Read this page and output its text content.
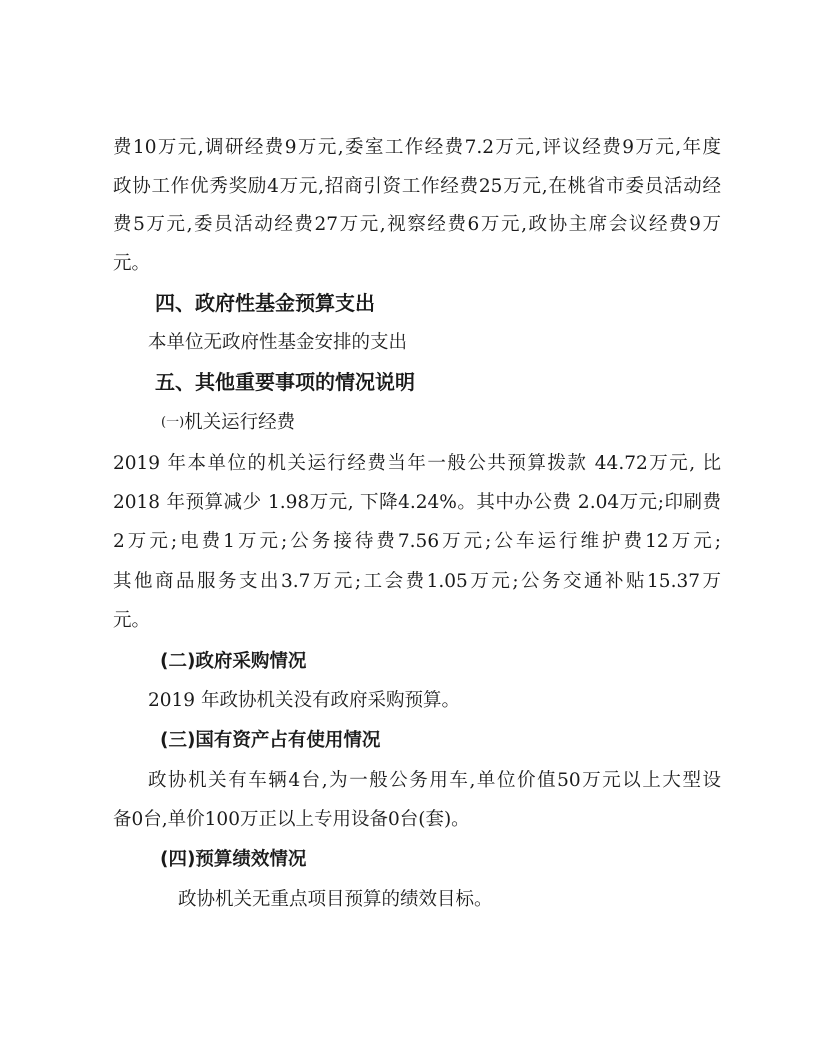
费10万元,调研经费9万元,委室工作经费7.2万元,评议经费9万元,年度
政协工作优秀奖励4万元,招商引资工作经费25万元,在桃省市委员活动经
费5万元,委员活动经费27万元,视察经费6万元,政协主席会议经费9万
元。
四、政府性基金预算支出
本单位无政府性基金安排的支出
五、其他重要事项的情况说明
(一)机关运行经费
2019 年本单位的机关运行经费当年一般公共预算拨款 44.72万元, 比
2018 年预算减少 1.98万元, 下降4.24%。其中办公费 2.04万元;印刷费
2万元;电费1万元;公务接待费7.56万元;公车运行维护费12万元;
其他商品服务支出3.7万元;工会费1.05万元;公务交通补贴15.37万
元。
(二)政府采购情况
2019 年政协机关没有政府采购预算。
(三)国有资产占有使用情况
政协机关有车辆4台,为一般公务用车,单位价值50万元以上大型设
备0台,单价100万正以上专用设备0台(套)。
(四)预算绩效情况
政协机关无重点项目预算的绩效目标。
